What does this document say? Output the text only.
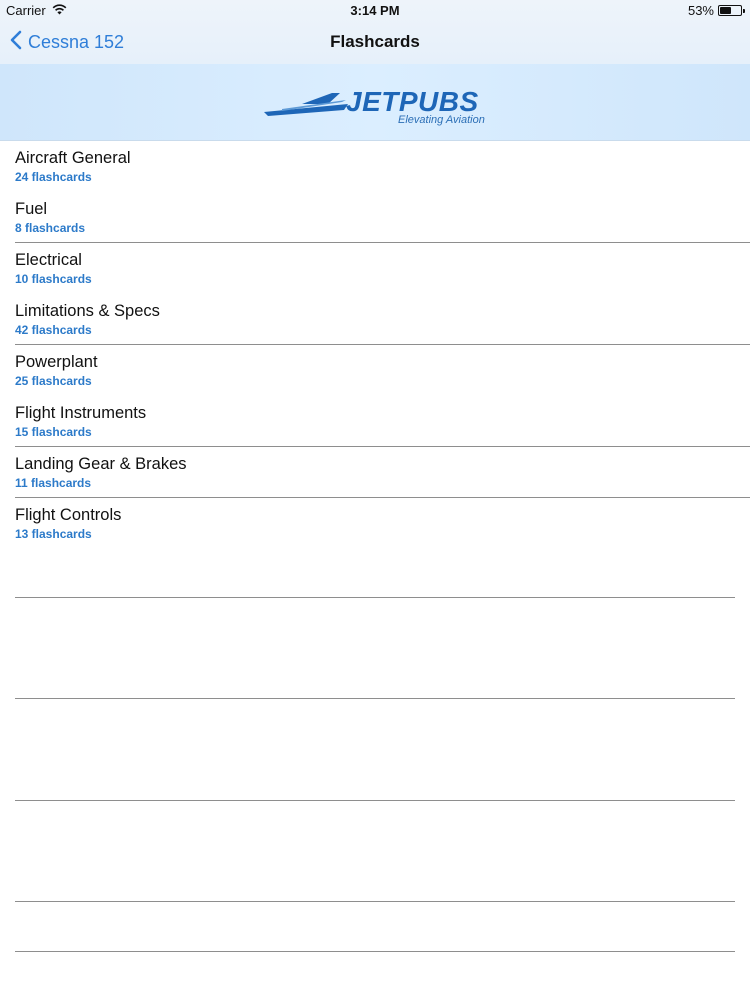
Carrier	3:14 PM	53%
Cessna 152	Flashcards
JETPUBS
Elevating Aviation
Aircraft General
24 flashcards
Fuel
8 flashcards
Electrical
10 flashcards
Limitations & Specs
42 flashcards
Powerplant
25 flashcards
Flight Instruments
15 flashcards
Landing Gear & Brakes
11 flashcards
Flight Controls
13 flashcards
